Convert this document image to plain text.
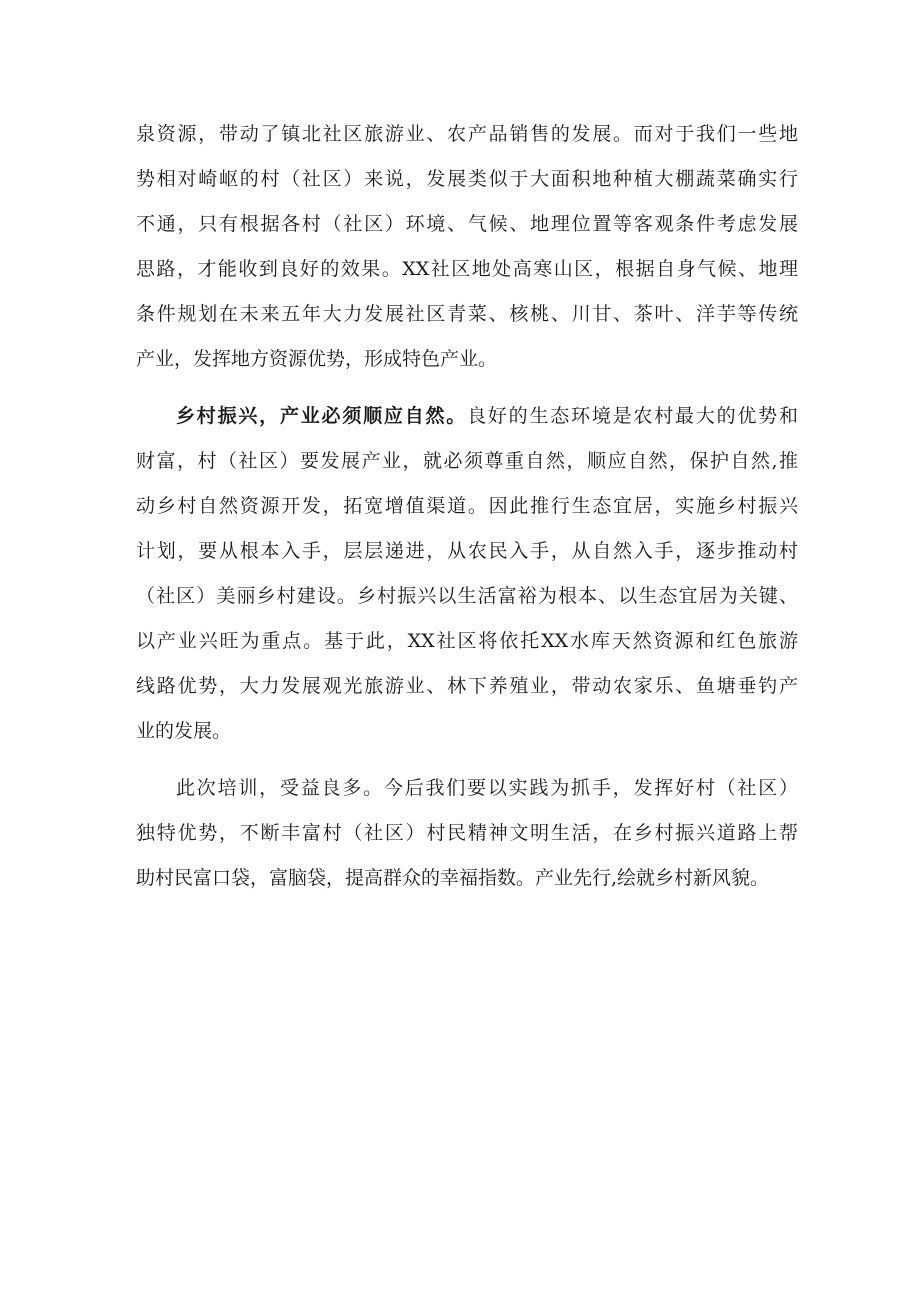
泉资源，带动了镇北社区旅游业、农产品销售的发展。而对于我们一些地
势相对崎岖的村（社区）来说，发展类似于大面积地种植大棚蔬菜确实行
不通，只有根据各村（社区）环境、气候、地理位置等客观条件考虑发展
思路，才能收到良好的效果。XX社区地处高寒山区，根据自身气候、地理
条件规划在未来五年大力发展社区青菜、核桃、川甘、茶叶、洋芋等传统
产业，发挥地方资源优势，形成特色产业。
乡村振兴，产业必须顺应自然。良好的生态环境是农村最大的优势和
财富，村（社区）要发展产业，就必须尊重自然，顺应自然，保护自然,推
动乡村自然资源开发，拓宽增值渠道。因此推行生态宜居，实施乡村振兴
计划，要从根本入手，层层递进，从农民入手，从自然入手，逐步推动村
（社区）美丽乡村建设。乡村振兴以生活富裕为根本、以生态宜居为关键、
以产业兴旺为重点。基于此，XX社区将依托XX水库天然资源和红色旅游
线路优势，大力发展观光旅游业、林下养殖业，带动农家乐、鱼塘垂钓产
业的发展。
此次培训，受益良多。今后我们要以实践为抓手，发挥好村（社区）
独特优势，不断丰富村（社区）村民精神文明生活，在乡村振兴道路上帮
助村民富口袋，富脑袋，提高群众的幸福指数。产业先行,绘就乡村新风貌。
